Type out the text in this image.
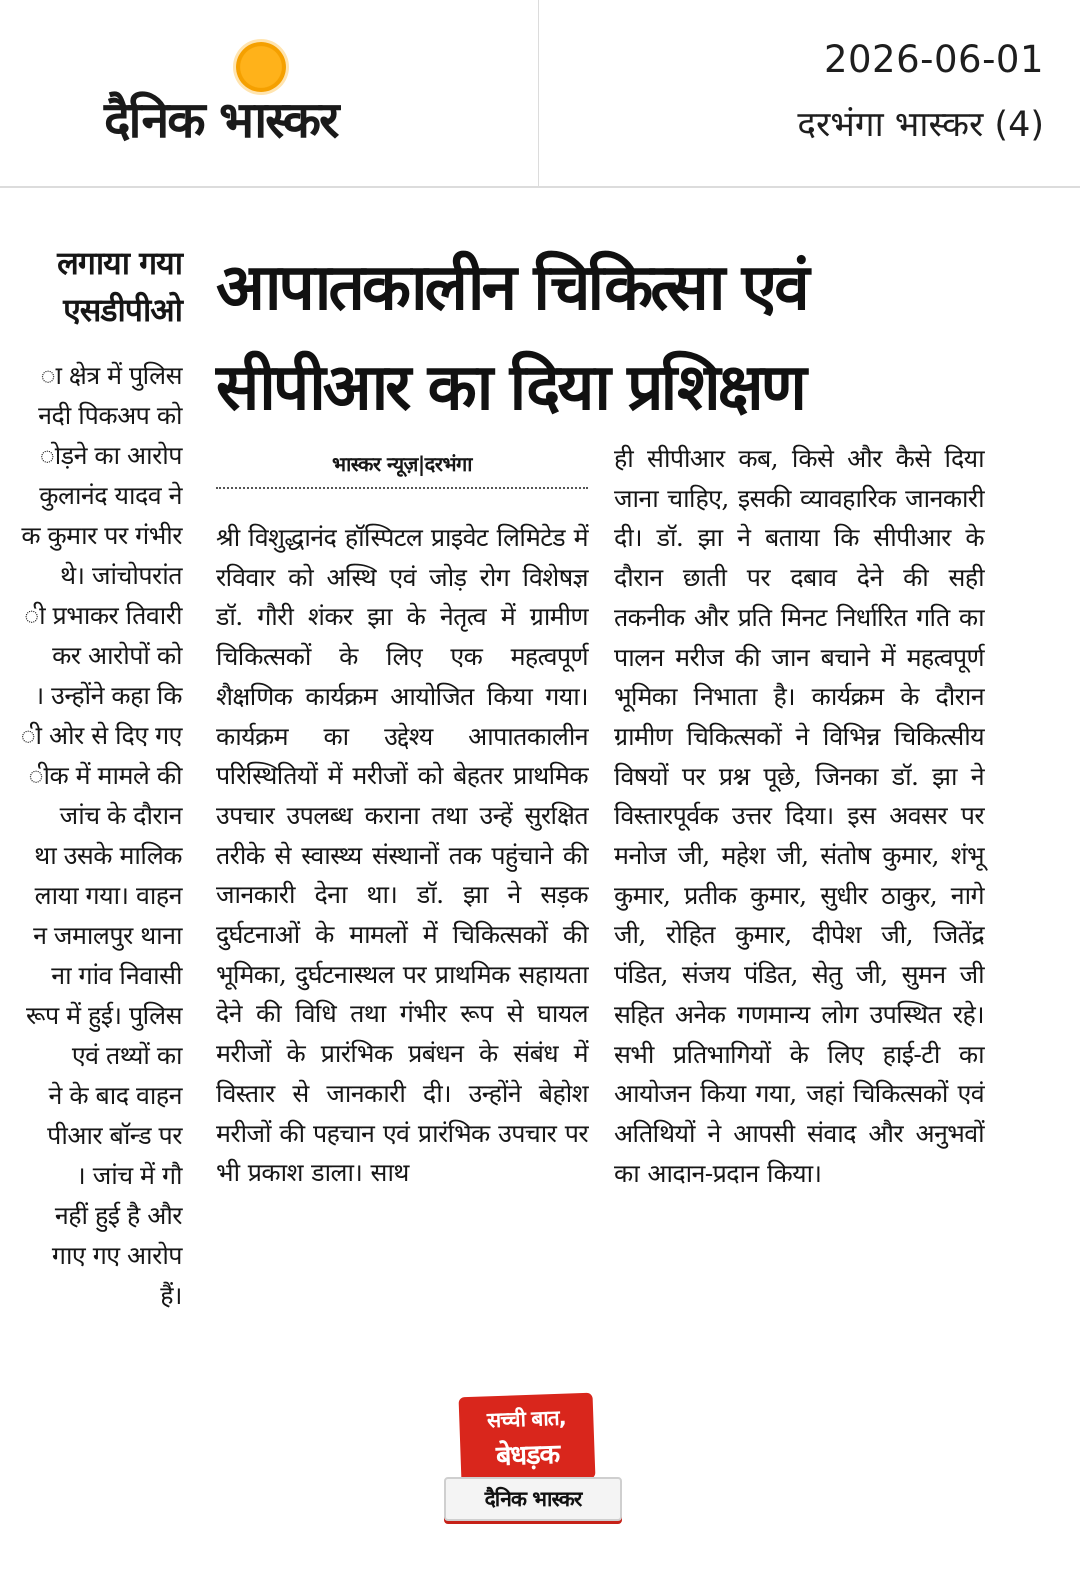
दैनिक भास्कर
2026-06-01
दरभंगा भास्कर (4)
लगाया गया
एसडीपीओ
ा क्षेत्र में पुलिस
नदी पिकअप को
ोड़ने का आरोप
कुलानंद यादव ने
क कुमार पर गंभीर
थे। जांचोपरांत
ी प्रभाकर तिवारी
कर आरोपों को
। उन्होंने कहा कि
ी ओर से दिए गए
ीक में मामले की
जांच के दौरान
था उसके मालिक
लाया गया। वाहन
न जमालपुर थाना
ना गांव निवासी
रूप में हुई। पुलिस
एवं तथ्यों का
ने के बाद वाहन
पीआर बॉन्ड पर
। जांच में गौ
नहीं हुई है और
गाए गए आरोप
हैं।
आपातकालीन चिकित्सा एवं
सीपीआर का दिया प्रशिक्षण
भास्कर न्यूज़|दरभंगा
श्री विशुद्धानंद हॉस्पिटल प्राइवेट लिमिटेड में रविवार को अस्थि एवं जोड़ रोग विशेषज्ञ डॉ. गौरी शंकर झा के नेतृत्व में ग्रामीण चिकित्सकों के लिए एक महत्वपूर्ण शैक्षणिक कार्यक्रम आयोजित किया गया। कार्यक्रम का उद्देश्य आपातकालीन परिस्थितियों में मरीजों को बेहतर प्राथमिक उपचार उपलब्ध कराना तथा उन्हें सुरक्षित तरीके से स्वास्थ्य संस्थानों तक पहुंचाने की जानकारी देना था। डॉ. झा ने सड़क दुर्घटनाओं के मामलों में चिकित्सकों की भूमिका, दुर्घटनास्थल पर प्राथमिक सहायता देने की विधि तथा गंभीर रूप से घायल मरीजों के प्रारंभिक प्रबंधन के संबंध में विस्तार से जानकारी दी। उन्होंने बेहोश मरीजों की पहचान एवं प्रारंभिक उपचार पर भी प्रकाश डाला। साथ
ही सीपीआर कब, किसे और कैसे दिया जाना चाहिए, इसकी व्यावहारिक जानकारी दी। डॉ. झा ने बताया कि सीपीआर के दौरान छाती पर दबाव देने की सही तकनीक और प्रति मिनट निर्धारित गति का पालन मरीज की जान बचाने में महत्वपूर्ण भूमिका निभाता है। कार्यक्रम के दौरान ग्रामीण चिकित्सकों ने विभिन्न चिकित्सीय विषयों पर प्रश्न पूछे, जिनका डॉ. झा ने विस्तारपूर्वक उत्तर दिया। इस अवसर पर मनोज जी, महेश जी, संतोष कुमार, शंभू कुमार, प्रतीक कुमार, सुधीर ठाकुर, नागे जी, रोहित कुमार, दीपेश जी, जितेंद्र पंडित, संजय पंडित, सेतु जी, सुमन जी सहित अनेक गणमान्य लोग उपस्थित रहे। सभी प्रतिभागियों के लिए हाई-टी का आयोजन किया गया, जहां चिकित्सकों एवं अतिथियों ने आपसी संवाद और अनुभवों का आदान-प्रदान किया।
सच्ची बात,
बेधड़क
दैनिक भास्कर
